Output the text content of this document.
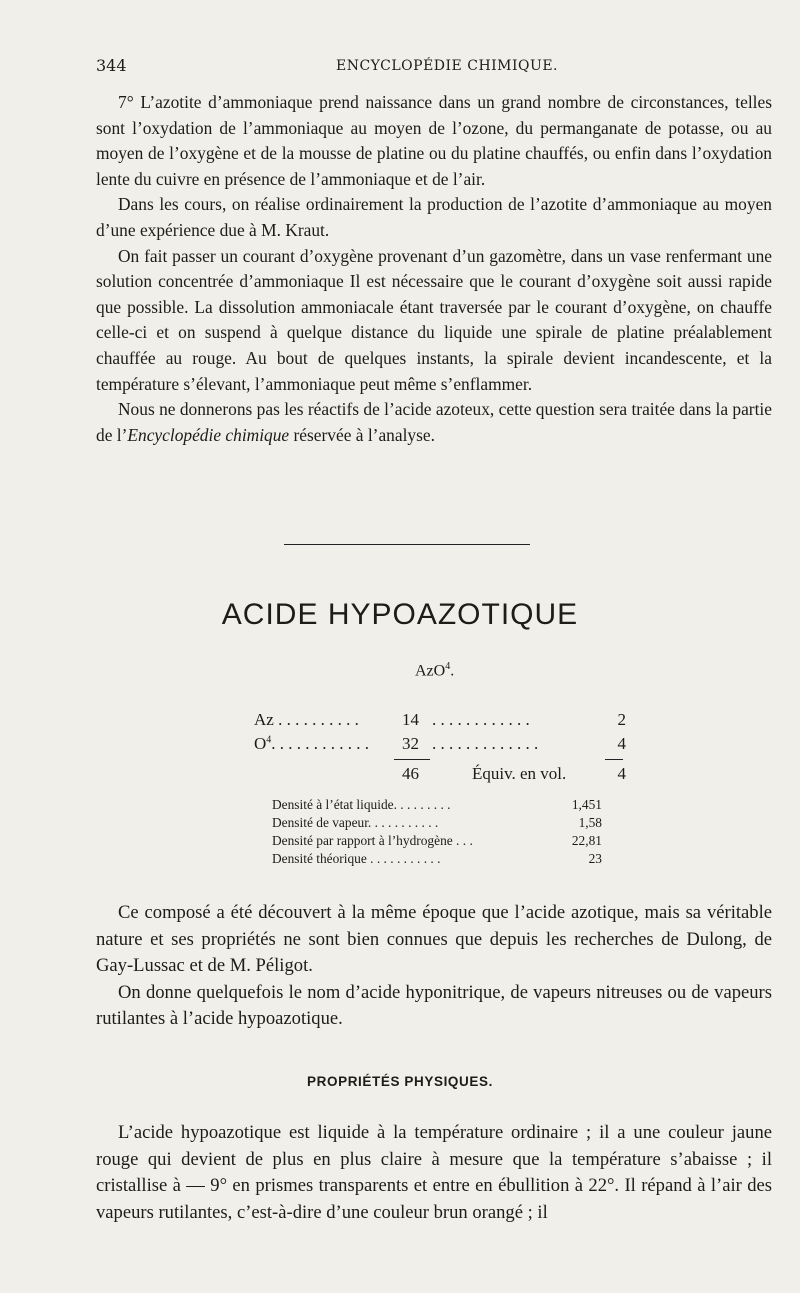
344	ENCYCLOPÉDIE CHIMIQUE.

7° L’azotite d’ammoniaque prend naissance dans un grand nombre de circonstances, telles sont l’oxydation de l’ammoniaque au moyen de l’ozone, du permanganate de potasse, ou au moyen de l’oxygène et de la mousse de platine ou du platine chauffés, ou enfin dans l’oxydation lente du cuivre en présence de l’ammoniaque et de l’air.

Dans les cours, on réalise ordinairement la production de l’azotite d’ammoniaque au moyen d’une expérience due à M. Kraut.

On fait passer un courant d’oxygène provenant d’un gazomètre, dans un vase renfermant une solution concentrée d’ammoniaque Il est nécessaire que le courant d’oxygène soit aussi rapide que possible. La dissolution ammoniacale étant traversée par le courant d’oxygène, on chauffe celle-ci et on suspend à quelque distance du liquide une spirale de platine préalablement chauffée au rouge. Au bout de quelques instants, la spirale devient incandescente, et la température s’élevant, l’ammoniaque peut même s’enflammer.

Nous ne donnerons pas les réactifs de l’acide azoteux, cette question sera traitée dans la partie de l’Encyclopédie chimique réservée à l’analyse.

ACIDE HYPOAZOTIQUE
AzO$^4$.
Az . . . . . . . . . .	14 . . . . . . . . . . . .	2
$O^4$. . . . . . . . . . . . 32 . . . . . . . . . . . . .	4
46	Équiv. en vol.	4
Densité à l’état liquide. . . . . . . . .	1,451
Densité de vapeur. . . . . . . . . . .	1,58
Densité par rapport à l’hydrogène . . .	22,81
Densité théorique . . . . . . . . . . .	23

Ce composé a été découvert à la même époque que l’acide azotique, mais sa véritable nature et ses propriétés ne sont bien connues que depuis les recherches de Dulong, de Gay-Lussac et de M. Péligot.

On donne quelquefois le nom d’acide hyponitrique, de vapeurs nitreuses ou de vapeurs rutilantes à l’acide hypoazotique.

PROPRIÉTÉS PHYSIQUES.

L’acide hypoazotique est liquide à la température ordinaire ; il a une couleur jaune rouge qui devient de plus en plus claire à mesure que la température s’abaisse ; il cristallise à — 9° en prismes transparents et entre en ébullition à 22°. Il répand à l’air des vapeurs rutilantes, c’est-à-dire d’une couleur brun orangé ; il
